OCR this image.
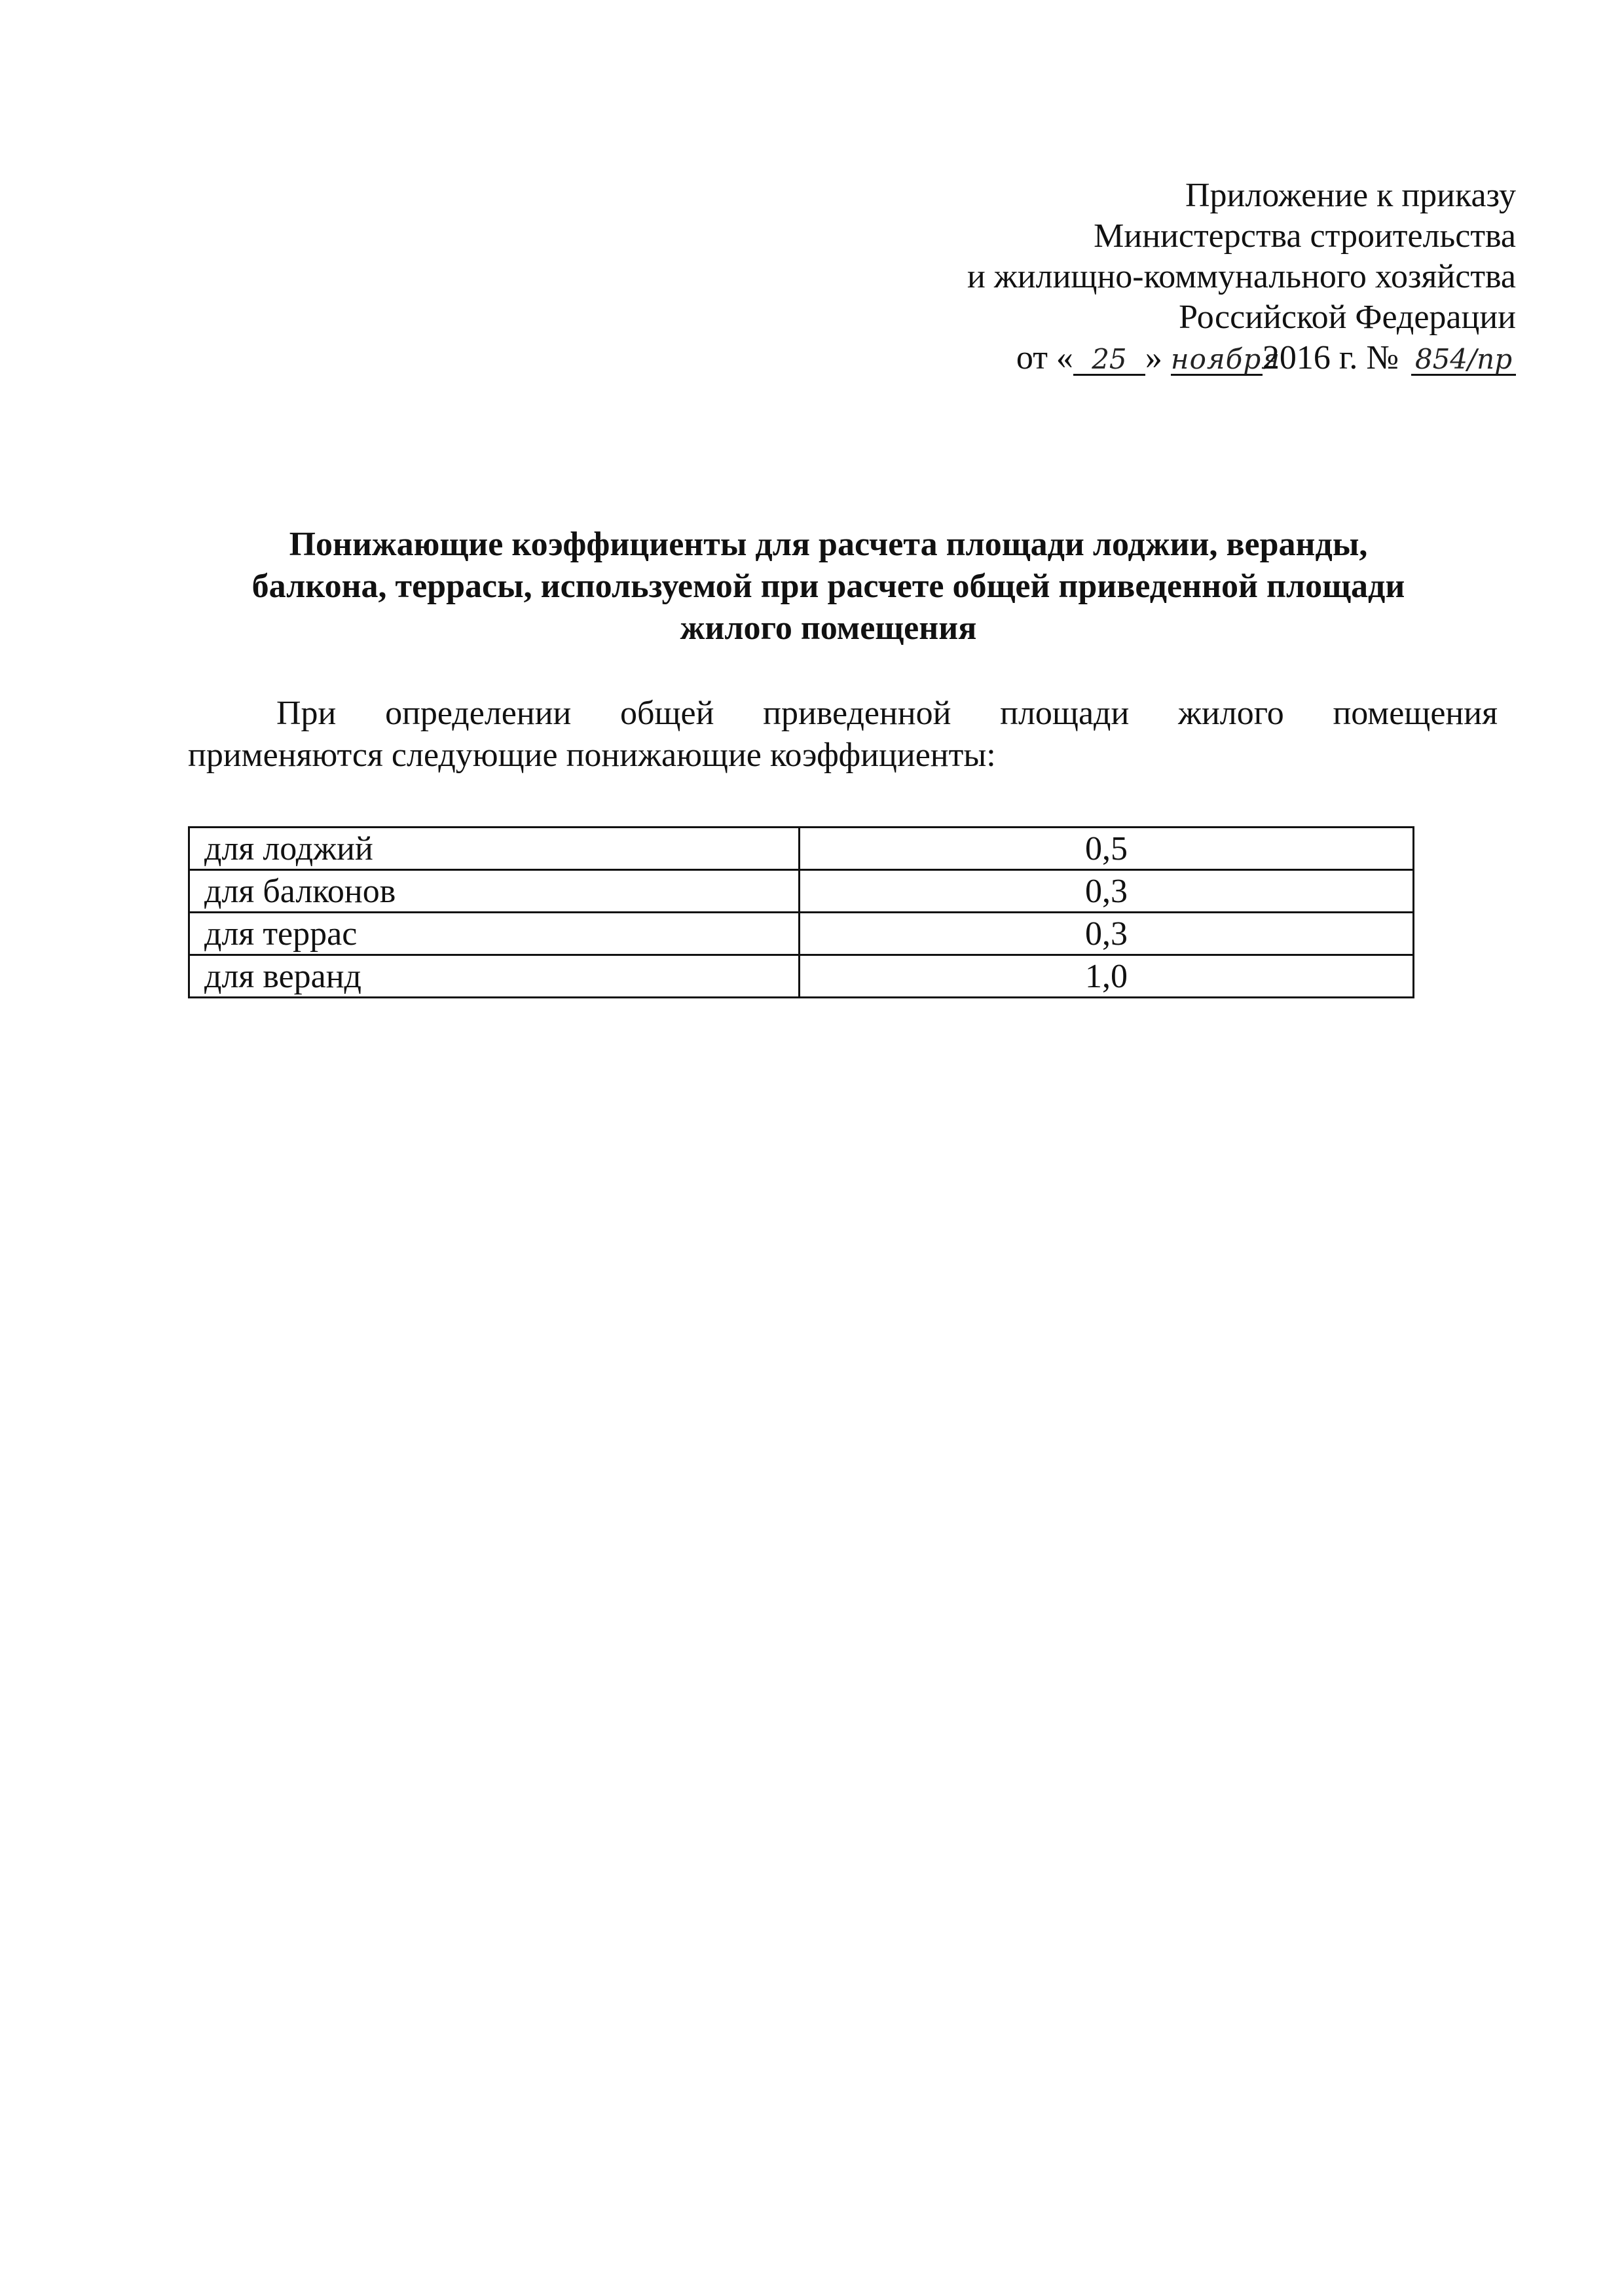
Приложение к приказу
Министерства строительства
и жилищно-коммунального хозяйства
Российской Федерации
от « 25 » ноября2016 г. № 854/пр
Понижающие коэффициенты для расчета площади лоджии, веранды,
балкона, террасы, используемой при расчете общей приведенной площади
жилого помещения
При определении общей приведенной площади жилого помещения
применяются следующие понижающие коэффициенты:
для лоджий	0,5
для балконов	0,3
для террас	0,3
для веранд	1,0
